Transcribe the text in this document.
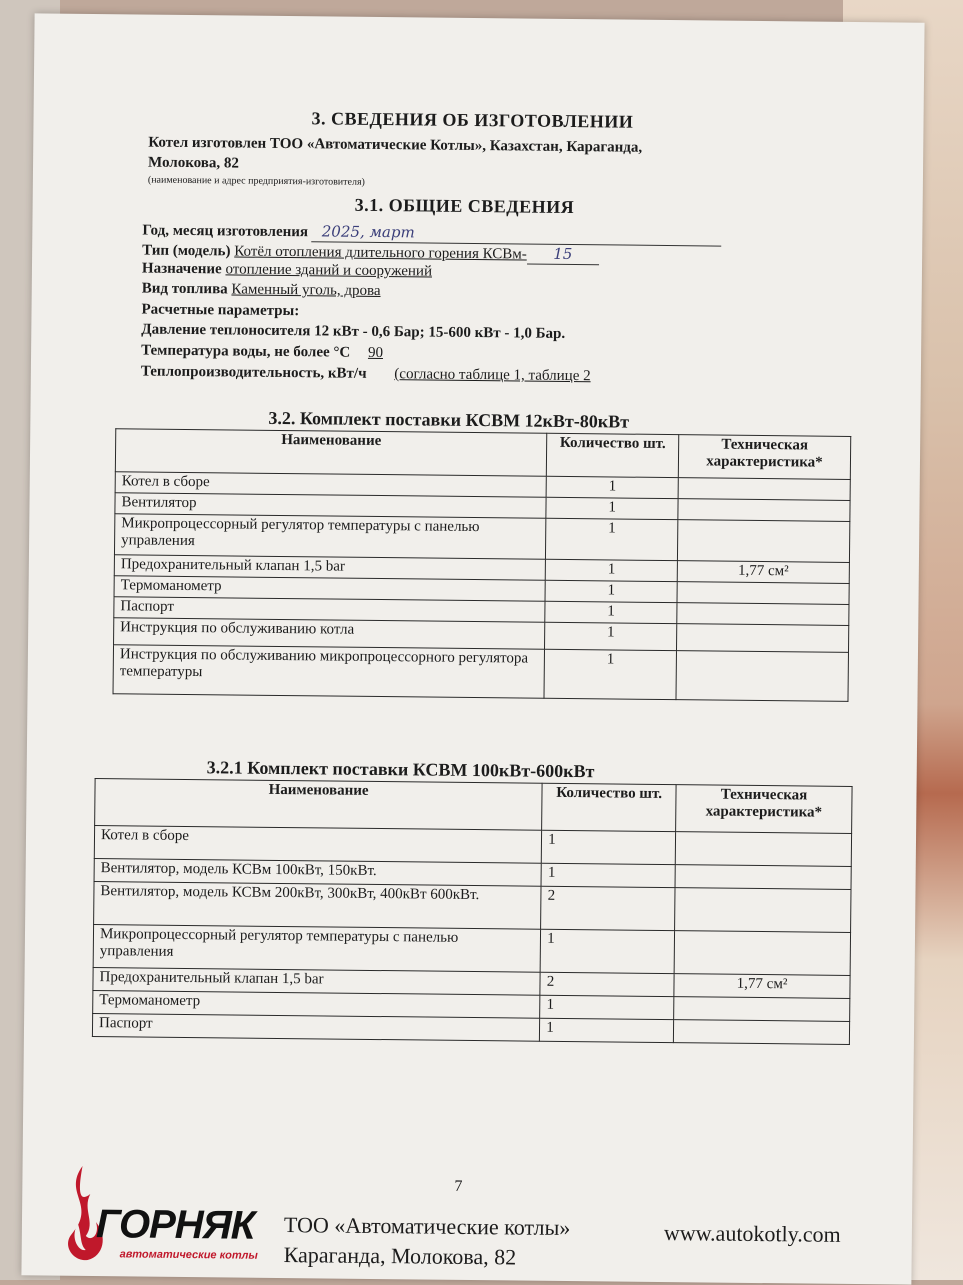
3. СВЕДЕНИЯ ОБ ИЗГОТОВЛЕНИИ
Котел изготовлен ТОО «Автоматические Котлы», Казахстан, Караганда,
Молокова, 82
(наименование и адрес предприятия-изготовителя)
3.1. ОБЩИЕ СВЕДЕНИЯ
Год, месяц изготовления 2025, март
Тип (модель) Котёл отопления длительного горения КСВм- 15
Назначение отопление зданий и сооружений
Вид топлива Каменный уголь, дрова
Расчетные параметры:
Давление теплоносителя 12 кВт - 0,6 Бар; 15-600 кВт - 1,0 Бар.
Температура воды, не более °С 90
Теплопроизводительность, кВт/ч (согласно таблице 1, таблице 2
3.2. Комплект поставки КСВМ 12кВт-80кВт
Наименование	Количество шт.	Техническая характеристика*
Котел в сборе	1	
Вентилятор	1	
Микропроцессорный регулятор температуры с панелью управления	1	
Предохранительный клапан 1,5 bar	1	1,77 см²
Термоманометр	1	
Паспорт	1	
Инструкция по обслуживанию котла	1	
Инструкция по обслуживанию микропроцессорного регулятора температуры	1	
3.2.1 Комплект поставки КСВМ 100кВт-600кВт
Наименование	Количество шт.	Техническая характеристика*
Котел в сборе	1	
Вентилятор, модель КСВм 100кВт, 150кВт.	1	
Вентилятор, модель КСВм 200кВт, 300кВт, 400кВт 600кВт.	2	
Микропроцессорный регулятор температуры с панелью управления	1	
Предохранительный клапан 1,5 bar	2	1,77 см²
Термоманометр	1	
Паспорт	1	
7
ГОРНЯК
автоматические котлы
ТОО «Автоматические котлы»
Караганда, Молокова, 82
www.autokotly.com
